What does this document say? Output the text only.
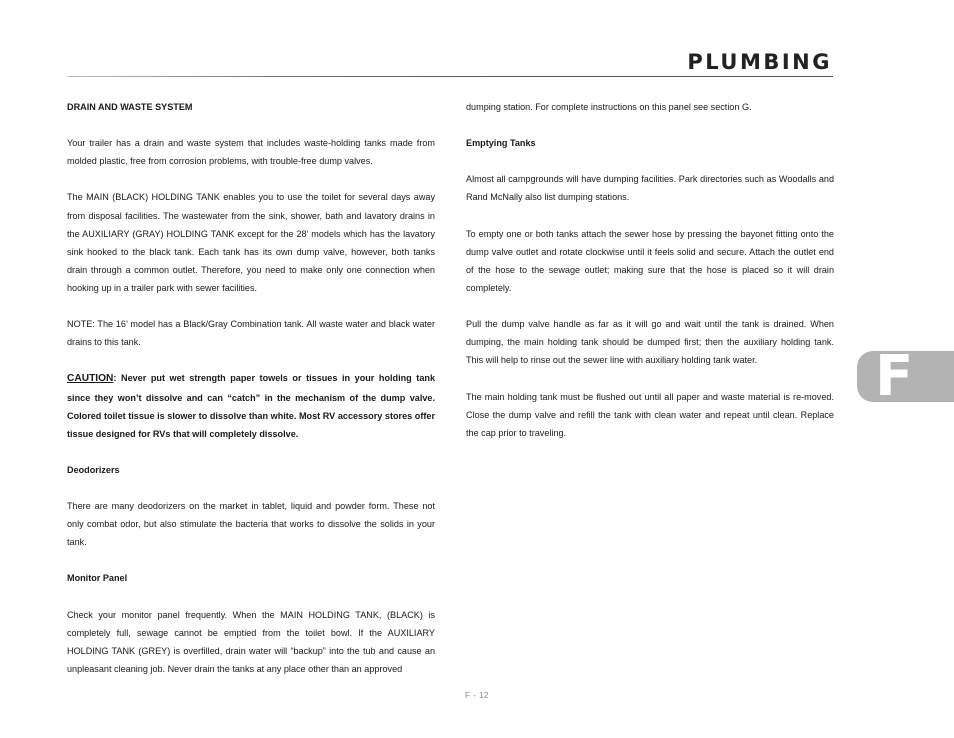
PLUMBING

DRAIN AND WASTE SYSTEM

Your trailer has a drain and waste system that includes waste-holding tanks made from molded plastic, free from corrosion problems, with trouble-free dump valves.

The MAIN (BLACK) HOLDING TANK enables you to use the toilet for several days away from disposal facilities. The wastewater from the sink, shower, bath and lavatory drains in the AUXILIARY (GRAY) HOLDING TANK except for the 28’ models which has the lavatory sink hooked to the black tank. Each tank has its own dump valve, however, both tanks drain through a common outlet. Therefore, you need to make only one connection when hooking up in a trailer park with sewer facilities.

NOTE: The 16’ model has a Black/Gray Combination tank. All waste water and black water drains to this tank.

CAUTION: Never put wet strength paper towels or tissues in your holding tank since they won’t dissolve and can “catch” in the mechanism of the dump valve. Colored toilet tissue is slower to dissolve than white. Most RV accessory stores offer tissue designed for RVs that will completely dissolve.

Deodorizers

There are many deodorizers on the market in tablet, liquid and powder form. These not only combat odor, but also stimulate the bacteria that works to dissolve the solids in your tank.

Monitor Panel

Check your monitor panel frequently. When the MAIN HOLDING TANK, (BLACK) is completely full, sewage cannot be emptied from the toilet bowl. If the AUXILIARY HOLDING TANK (GREY) is overfilled, drain water will “backup” into the tub and cause an unpleasant cleaning job. Never drain the tanks at any place other than an approved

dumping station. For complete instructions on this panel see section G.

Emptying Tanks

Almost all campgrounds will have dumping facilities. Park directories such as Woodalls and Rand McNally also list dumping stations.

To empty one or both tanks attach the sewer hose by pressing the bayonet fitting onto the dump valve outlet and rotate clockwise until it feels solid and secure. Attach the outlet end of the hose to the sewage outlet; making sure that the hose is placed so it will drain completely.

Pull the dump valve handle as far as it will go and wait until the tank is drained. When dumping, the main holding tank should be dumped first; then the auxiliary holding tank. This will help to rinse out the sewer line with auxiliary holding tank water.

The main holding tank must be flushed out until all paper and waste material is re-moved. Close the dump valve and refill the tank with clean water and repeat until clean. Replace the cap prior to traveling.

F
F - 12
